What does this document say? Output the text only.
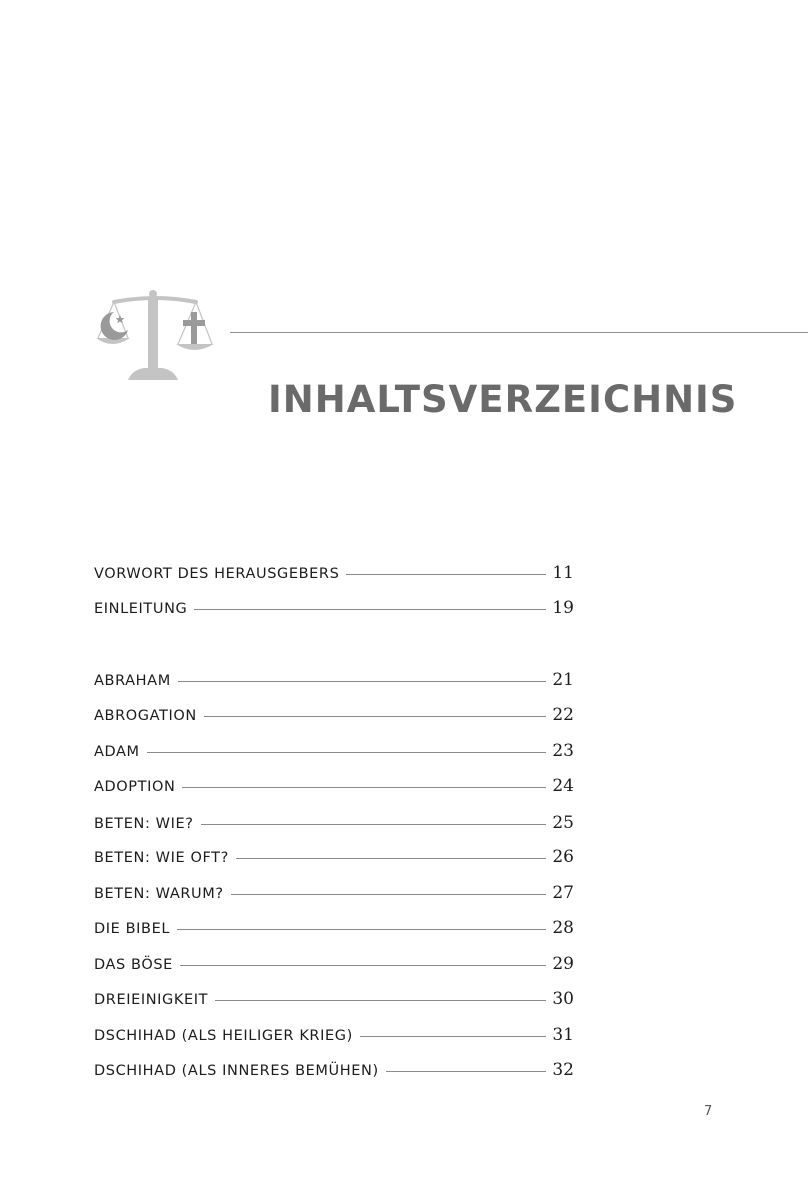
INHALTSVERZEICHNIS
VORWORT DES HERAUSGEBERS	11
EINLEITUNG	19
ABRAHAM	21
ABROGATION	22
ADAM	23
ADOPTION	24
BETEN: WIE?	25
BETEN: WIE OFT?	26
BETEN: WARUM?	27
DIE BIBEL	28
DAS BÖSE	29
DREIEINIGKEIT	30
DSCHIHAD (ALS HEILIGER KRIEG)	31
DSCHIHAD (ALS INNERES BEMÜHEN)	32
7
